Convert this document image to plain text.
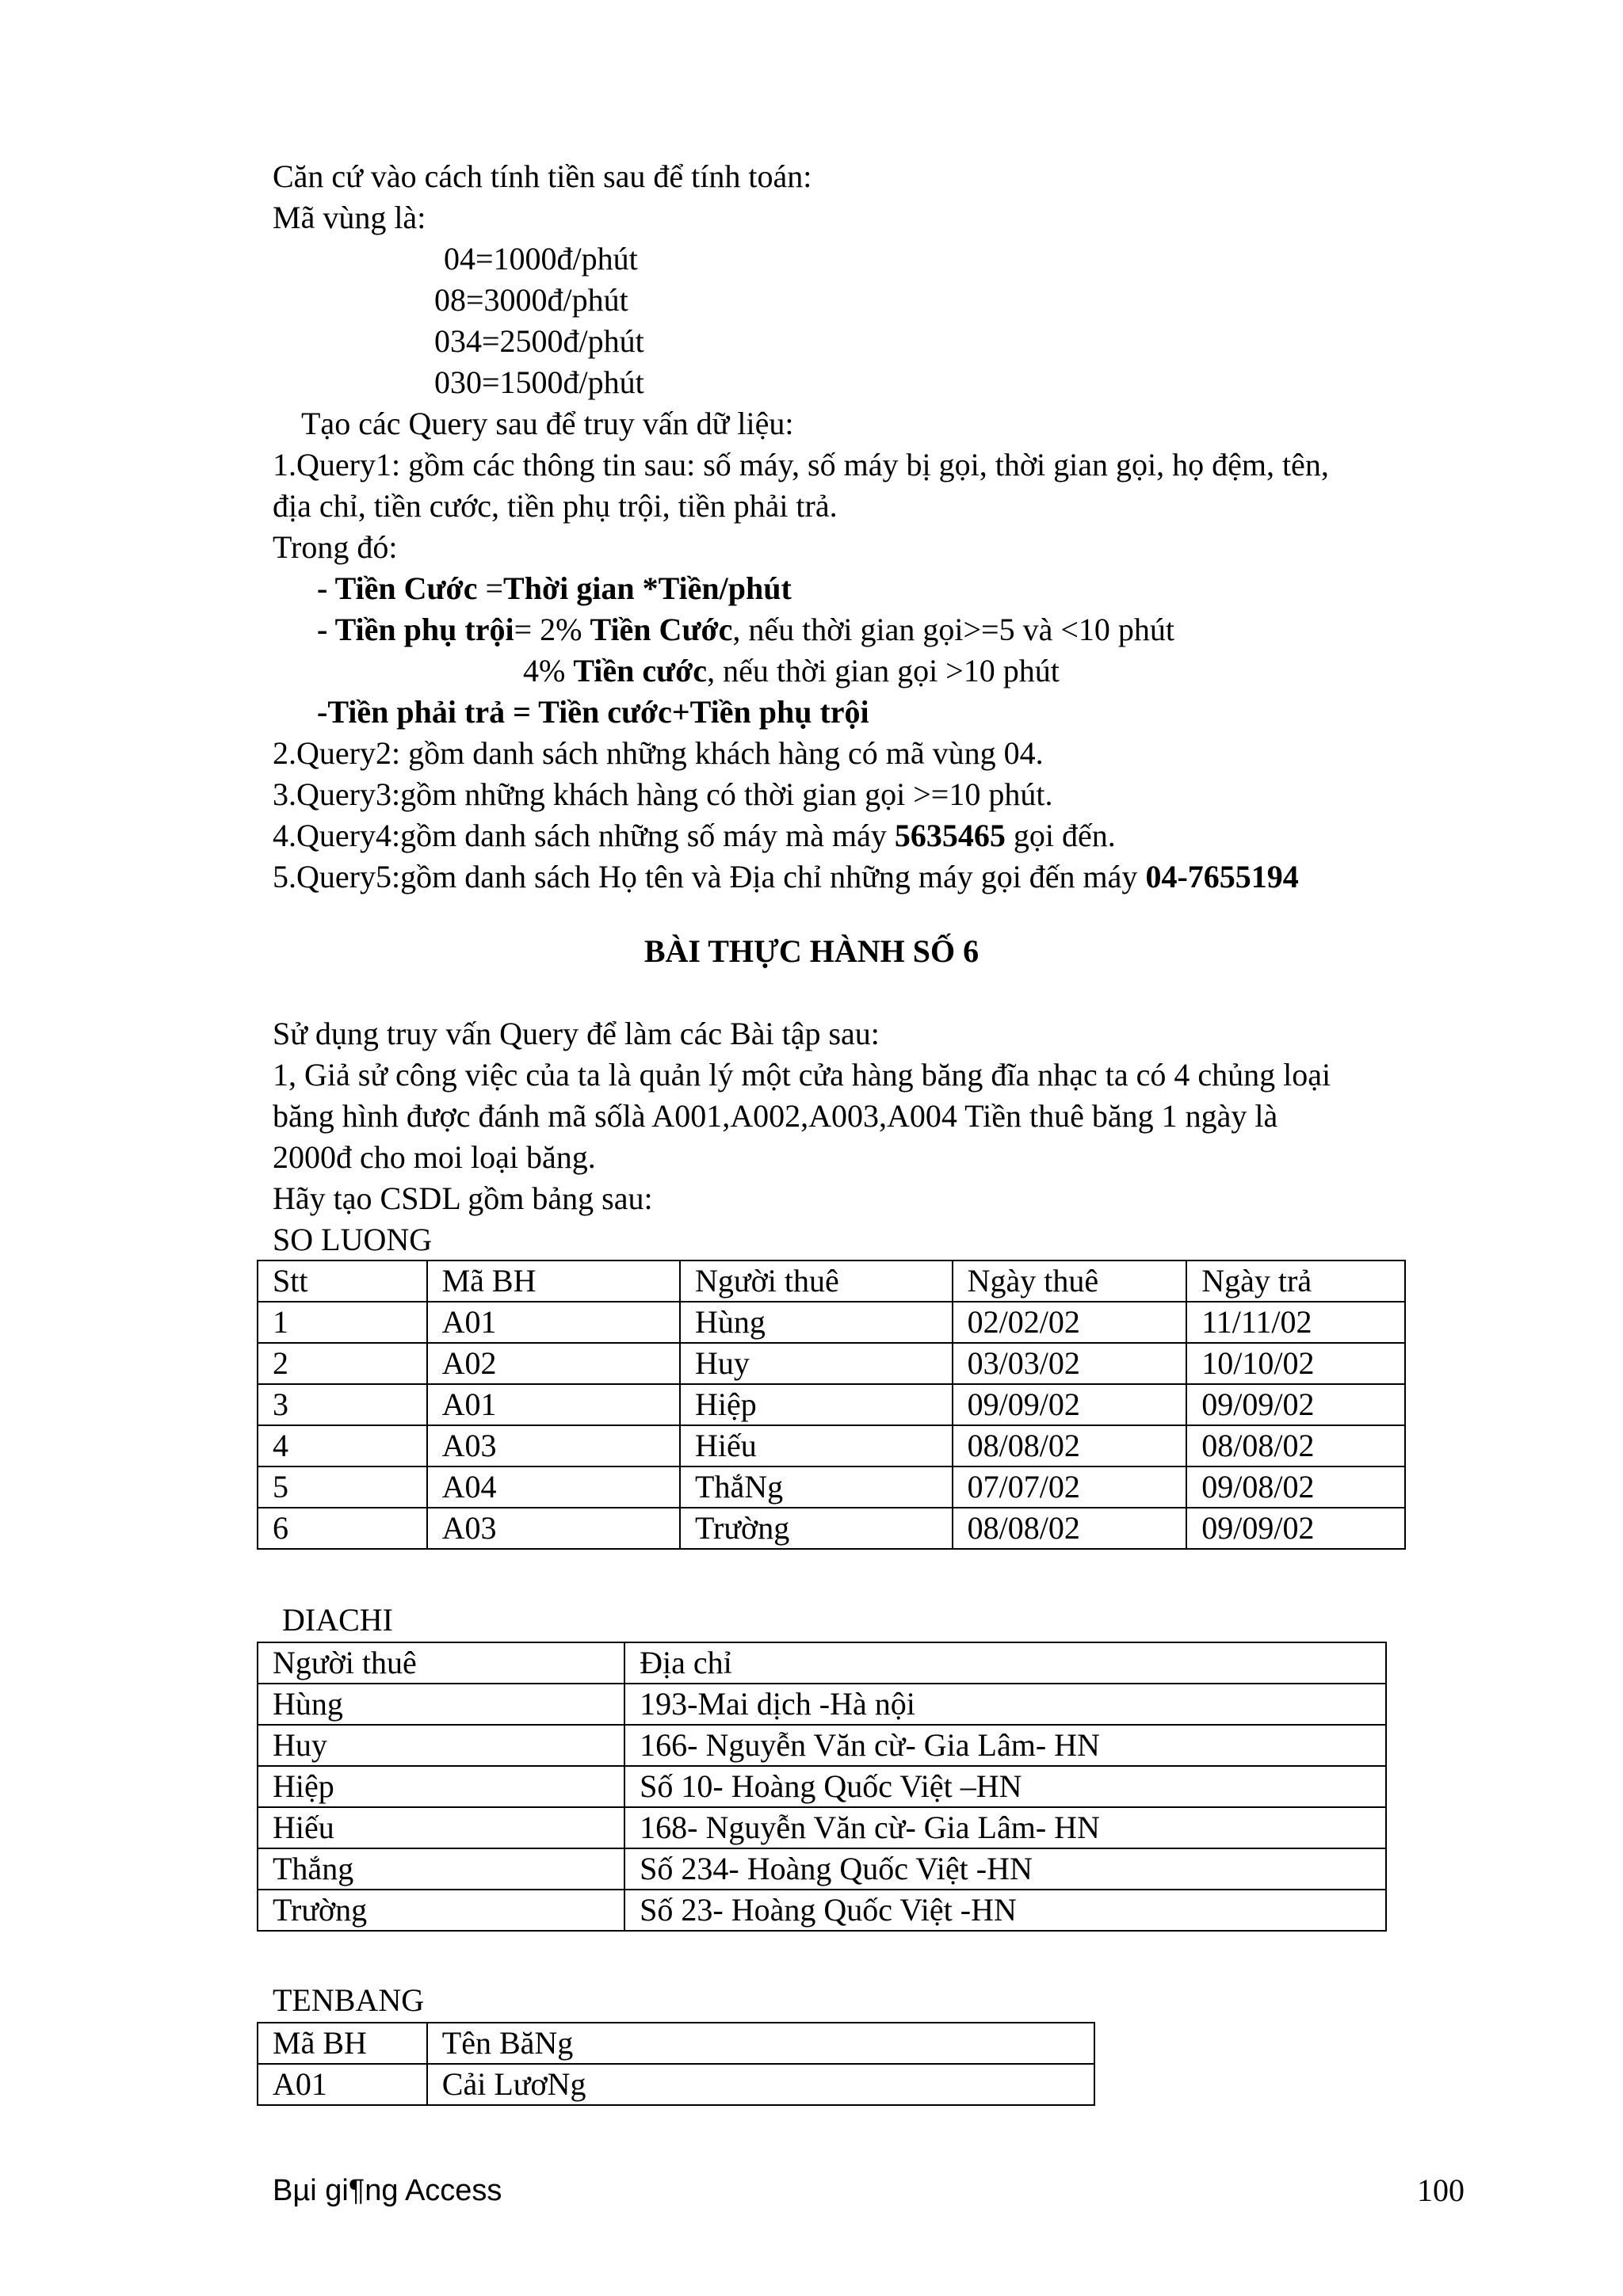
Căn cứ vào cách tính tiền sau để tính toán:
Mã vùng là:
04=1000đ/phút
08=3000đ/phút
034=2500đ/phút
030=1500đ/phút
Tạo các Query sau để truy vấn dữ liệu:
1.Query1: gồm các thông tin sau: số máy, số máy bị gọi, thời gian gọi, họ đệm, tên,
địa chỉ, tiền cước, tiền phụ trội, tiền phải trả.
Trong đó:
- Tiền Cước =Thời gian *Tiền/phút
- Tiền phụ trội= 2% Tiền Cước, nếu thời gian gọi>=5 và <10 phút
4% Tiền cước, nếu thời gian gọi >10 phút
-Tiền phải trả = Tiền cước+Tiền phụ trội
2.Query2: gồm danh sách những khách hàng có mã vùng 04.
3.Query3:gồm những khách hàng có thời gian gọi >=10 phút.
4.Query4:gồm danh sách những số máy mà máy 5635465 gọi đến.
5.Query5:gồm danh sách Họ tên và Địa chỉ những máy gọi đến máy 04-7655194
BÀI THỰC HÀNH SỐ 6
Sử dụng truy vấn Query để làm các Bài tập sau:
1, Giả sử công việc của ta là quản lý một cửa hàng băng đĩa nhạc ta có 4 chủng loại
băng hình được đánh mã sốlà A001,A002,A003,A004 Tiền thuê băng 1 ngày là
2000đ cho moi loại băng.
Hãy tạo CSDL gồm bảng sau:
SO LUONG
Stt	Mã BH	Người thuê	Ngày thuê	Ngày trả
1	A01	Hùng	02/02/02	11/11/02
2	A02	Huy	03/03/02	10/10/02
3	A01	Hiệp	09/09/02	09/09/02
4	A03	Hiếu	08/08/02	08/08/02
5	A04	ThắNg	07/07/02	09/08/02
6	A03	Trường	08/08/02	09/09/02
DIACHI
Người thuê	Địa chỉ
Hùng	193-Mai dịch -Hà nội
Huy	166- Nguyễn Văn cừ- Gia Lâm- HN
Hiệp	Số 10- Hoàng Quốc Việt –HN
Hiếu	168- Nguyễn Văn cừ- Gia Lâm- HN
Thắng	Số 234- Hoàng Quốc Việt -HN
Trường	Số 23- Hoàng Quốc Việt -HN
TENBANG
Mã BH	Tên BăNg
A01	Cải LươNg
Bµi gi¶ng Access	100
